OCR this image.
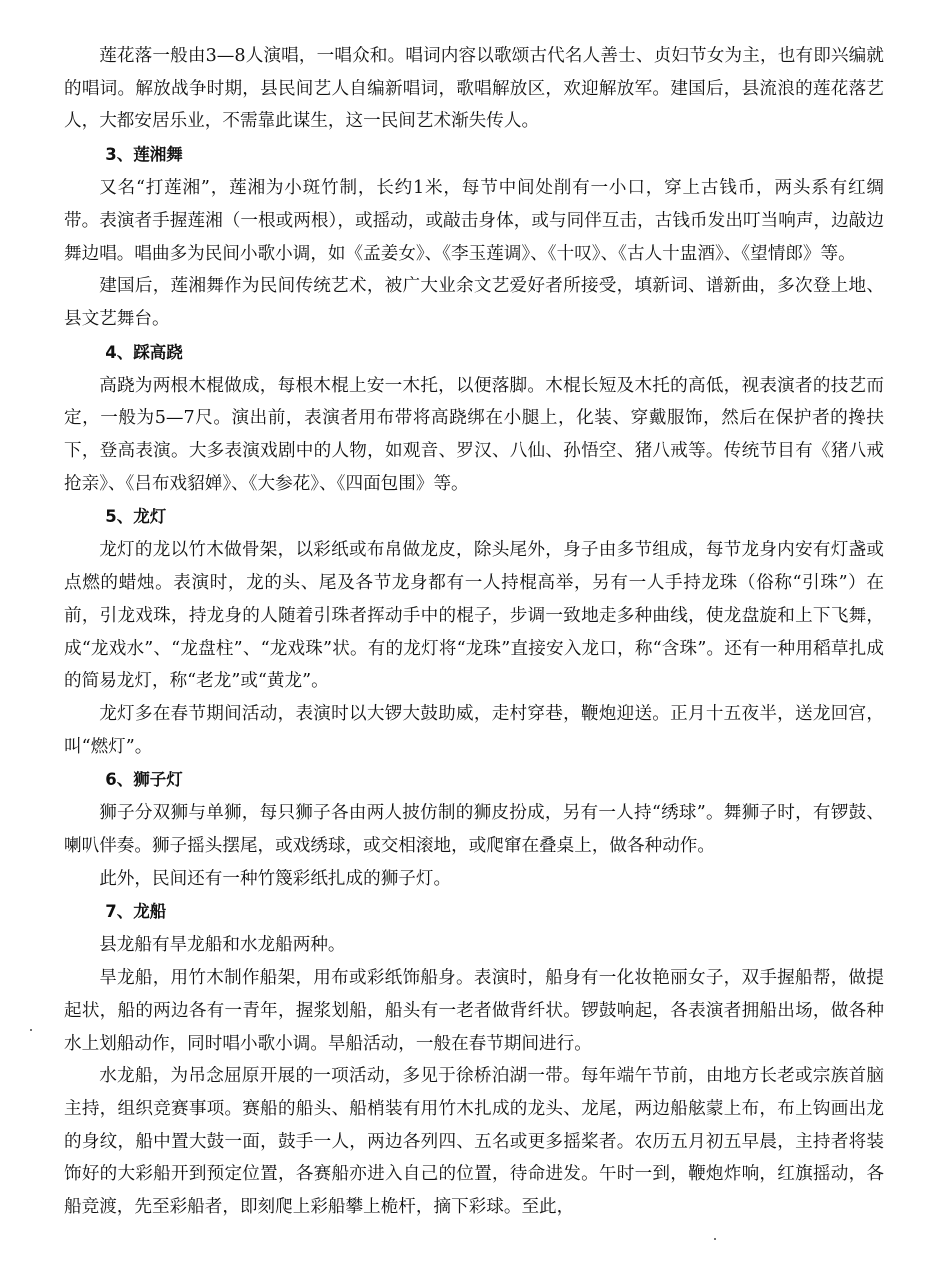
莲花落一般由3—8人演唱，一唱众和。唱词内容以歌颂古代名人善士、贞妇节女为主，也有即兴编就的唱词。解放战争时期，县民间艺人自编新唱词，歌唱解放区，欢迎解放军。建国后，县流浪的莲花落艺人，大都安居乐业，不需靠此谋生，这一民间艺术渐失传人。

3、莲湘舞

又名“打莲湘”，莲湘为小斑竹制，长约1米，每节中间处削有一小口，穿上古钱币，两头系有红绸带。表演者手握莲湘（一根或两根），或摇动，或敲击身体，或与同伴互击，古钱币发出叮当响声，边敲边舞边唱。唱曲多为民间小歌小调，如《孟姜女》、《李玉莲调》、《十叹》、《古人十盅酒》、《望情郎》等。

建国后，莲湘舞作为民间传统艺术，被广大业余文艺爱好者所接受，填新词、谱新曲，多次登上地、县文艺舞台。

4、踩高跷

高跷为两根木棍做成，每根木棍上安一木托，以便落脚。木棍长短及木托的高低，视表演者的技艺而定，一般为5—7尺。演出前，表演者用布带将高跷绑在小腿上，化装、穿戴服饰，然后在保护者的搀扶下，登高表演。大多表演戏剧中的人物，如观音、罗汉、八仙、孙悟空、猪八戒等。传统节目有《猪八戒抢亲》、《吕布戏貂婵》、《大参花》、《四面包围》等。

5、龙灯

龙灯的龙以竹木做骨架，以彩纸或布帛做龙皮，除头尾外，身子由多节组成，每节龙身内安有灯盏或点燃的蜡烛。表演时，龙的头、尾及各节龙身都有一人持棍高举，另有一人手持龙珠（俗称“引珠”）在前，引龙戏珠，持龙身的人随着引珠者挥动手中的棍子，步调一致地走多种曲线，使龙盘旋和上下飞舞，成“龙戏水”、“龙盘柱”、“龙戏珠”状。有的龙灯将“龙珠”直接安入龙口，称“含珠”。还有一种用稻草扎成的简易龙灯，称“老龙”或“黄龙”。

龙灯多在春节期间活动，表演时以大锣大鼓助威，走村穿巷，鞭炮迎送。正月十五夜半，送龙回宫，叫“燃灯”。

6、狮子灯

狮子分双狮与单狮，每只狮子各由两人披仿制的狮皮扮成，另有一人持“绣球”。舞狮子时，有锣鼓、喇叭伴奏。狮子摇头摆尾，或戏绣球，或交相滚地，或爬窜在叠桌上，做各种动作。

此外，民间还有一种竹篾彩纸扎成的狮子灯。

7、龙船

县龙船有旱龙船和水龙船两种。

旱龙船，用竹木制作船架，用布或彩纸饰船身。表演时，船身有一化妆艳丽女子，双手握船帮，做提起状，船的两边各有一青年，握浆划船，船头有一老者做背纤状。锣鼓响起，各表演者拥船出场，做各种水上划船动作，同时唱小歌小调。旱船活动，一般在春节期间进行。

水龙船，为吊念屈原开展的一项活动，多见于徐桥泊湖一带。每年端午节前，由地方长老或宗族首脑主持，组织竞赛事项。赛船的船头、船梢装有用竹木扎成的龙头、龙尾，两边船舷蒙上布，布上钩画出龙的身纹，船中置大鼓一面，鼓手一人，两边各列四、五名或更多摇桨者。农历五月初五早晨，主持者将装饰好的大彩船开到预定位置，各赛船亦进入自己的位置，待命进发。午时一到，鞭炮炸响，红旗摇动，各船竞渡，先至彩船者，即刻爬上彩船攀上桅杆，摘下彩球。至此，
